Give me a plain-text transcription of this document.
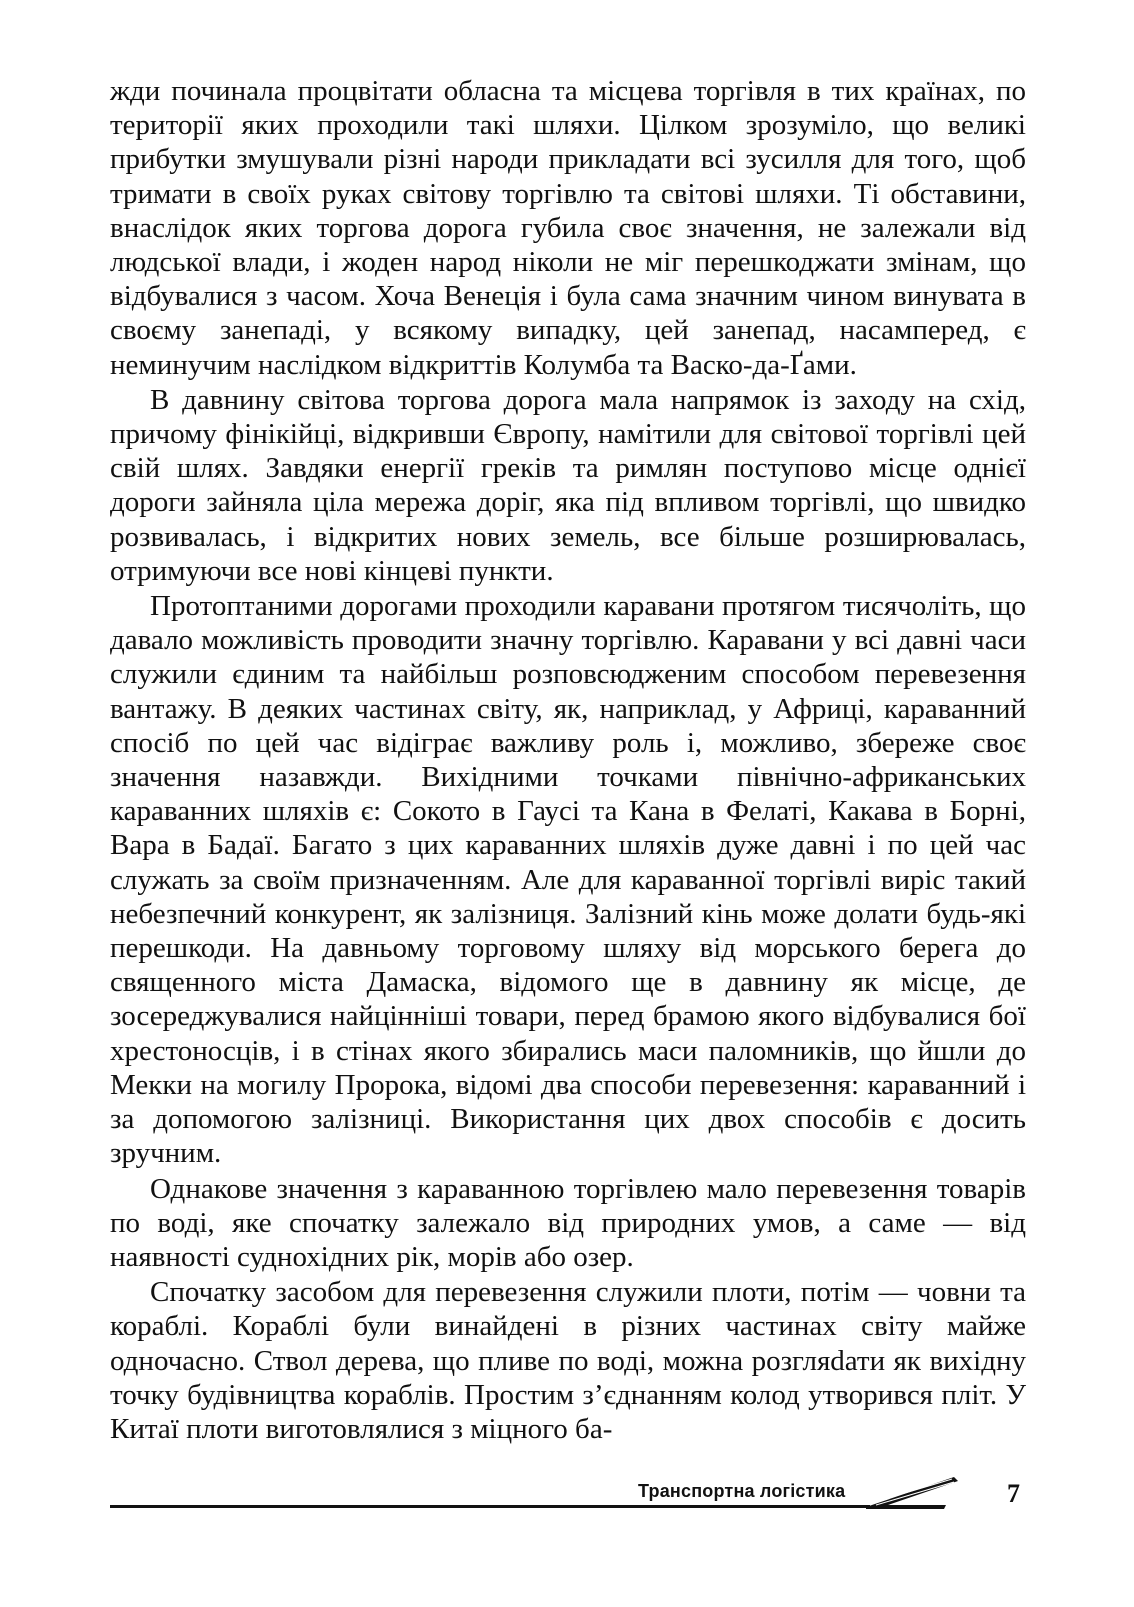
жди починала процвітати обласна та місцева торгівля в тих країнах, по території яких проходили такі шляхи. Цілком зрозуміло, що великі прибутки змушували різні народи прикладати всі зусилля для того, щоб тримати в своїх руках світову торгівлю та світові шляхи. Ті обставини, внаслідок яких торгова дорога губила своє значення, не залежали від людської влади, і жоден народ ніколи не міг перешкоджати змінам, що відбувалися з часом. Хоча Венеція і була сама значним чином винувата в своєму занепаді, у всякому випадку, цей занепад, насамперед, є неминучим наслідком відкриттів Колумба та Васко-да-Ґами.

В давнину світова торгова дорога мала напрямок із заходу на схід, причому фінікійці, відкривши Європу, намітили для світової торгівлі цей свій шлях. Завдяки енергії греків та римлян поступово місце однієї дороги зайняла ціла мережа доріг, яка під впливом торгівлі, що швидко розвивалась, і відкритих нових земель, все більше розширювалась, отримуючи все нові кінцеві пункти.

Протоптаними дорогами проходили каравани протягом тисячоліть, що давало можливість проводити значну торгівлю. Каравани у всі давні часи служили єдиним та найбільш розповсюдженим способом перевезення вантажу. В деяких частинах світу, як, наприклад, у Африці, караванний спосіб по цей час відіграє важливу роль і, можливо, збереже своє значення назавжди. Вихідними точками північно-африканських караванних шляхів є: Сокото в Гаусі та Кана в Фелаті, Какава в Борні, Вара в Бадаї. Багато з цих караванних шляхів дуже давні і по цей час служать за своїм призначенням. Але для караванної торгівлі виріс такий небезпечний конкурент, як залізниця. Залізний кінь може долати будь-які перешкоди. На давньому торговому шляху від морського берега до священного міста Дамаска, відомого ще в давнину як місце, де зосереджувалися найцінніші товари, перед брамою якого відбувалися бої хрестоносців, і в стінах якого збирались маси паломників, що йшли до Мекки на могилу Пророка, відомі два способи перевезення: караванний і за допомогою залізниці. Використання цих двох способів є досить зручним.

Однакове значення з караванною торгівлею мало перевезення товарів по воді, яке спочатку залежало від природних умов, а саме — від наявності суднохідних рік, морів або озер.

Спочатку засобом для перевезення служили плоти, потім — човни та кораблі. Кораблі були винайдені в різних частинах світу майже одночасно. Ствол дерева, що пливе по воді, можна розгляdати як вихідну точку будівництва кораблів. Простим з’єднанням колод утворився пліт. У Китаї плоти виготовлялися з міцного ба-

Транспортна логістика	7
